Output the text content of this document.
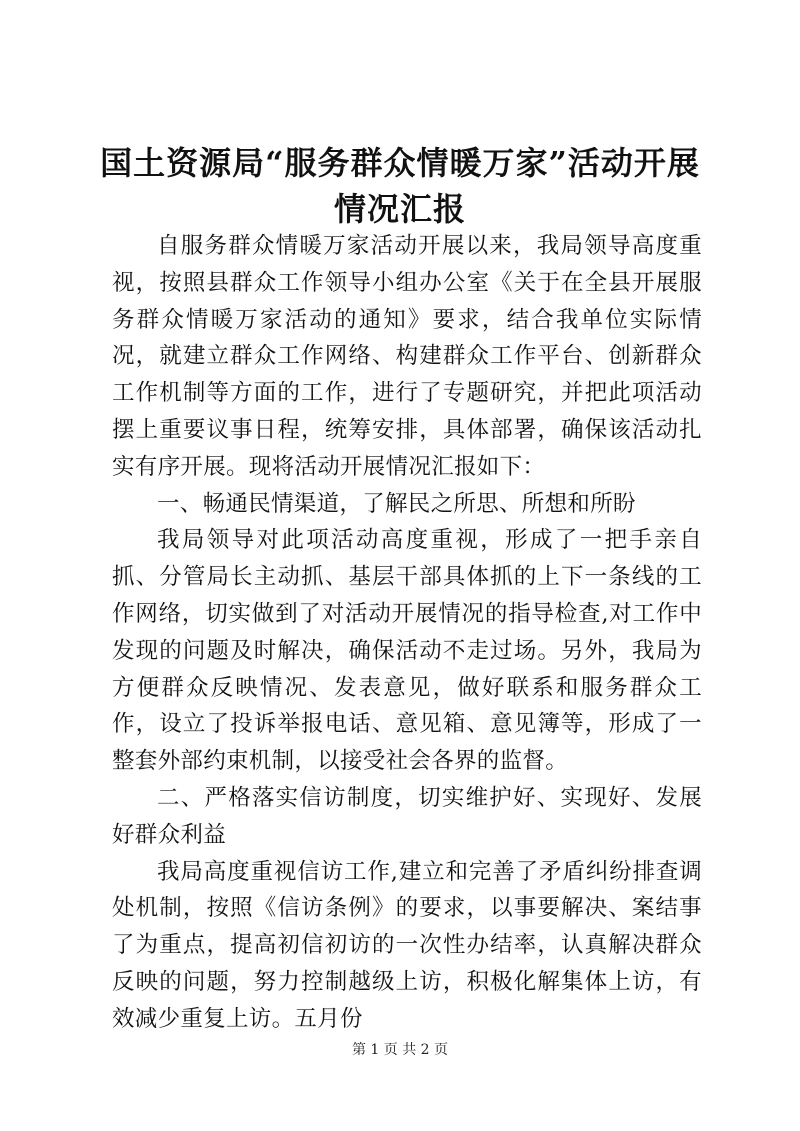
国土资源局“服务群众情暖万家”活动开展情况汇报

自服务群众情暖万家活动开展以来，我局领导高度重视，按照县群众工作领导小组办公室《关于在全县开展服务群众情暖万家活动的通知》要求，结合我单位实际情况，就建立群众工作网络、构建群众工作平台、创新群众工作机制等方面的工作，进行了专题研究，并把此项活动摆上重要议事日程，统筹安排，具体部署，确保该活动扎实有序开展。现将活动开展情况汇报如下：

一、畅通民情渠道，了解民之所思、所想和所盼

我局领导对此项活动高度重视，形成了一把手亲自抓、分管局长主动抓、基层干部具体抓的上下一条线的工作网络，切实做到了对活动开展情况的指导检查,对工作中发现的问题及时解决，确保活动不走过场。另外，我局为方便群众反映情况、发表意见，做好联系和服务群众工作，设立了投诉举报电话、意见箱、意见簿等，形成了一整套外部约束机制，以接受社会各界的监督。

二、严格落实信访制度，切实维护好、实现好、发展好群众利益

我局高度重视信访工作,建立和完善了矛盾纠纷排查调处机制，按照《信访条例》的要求，以事要解决、案结事了为重点，提高初信初访的一次性办结率，认真解决群众反映的问题，努力控制越级上访，积极化解集体上访，有效减少重复上访。五月份

第 1 页 共 2 页
